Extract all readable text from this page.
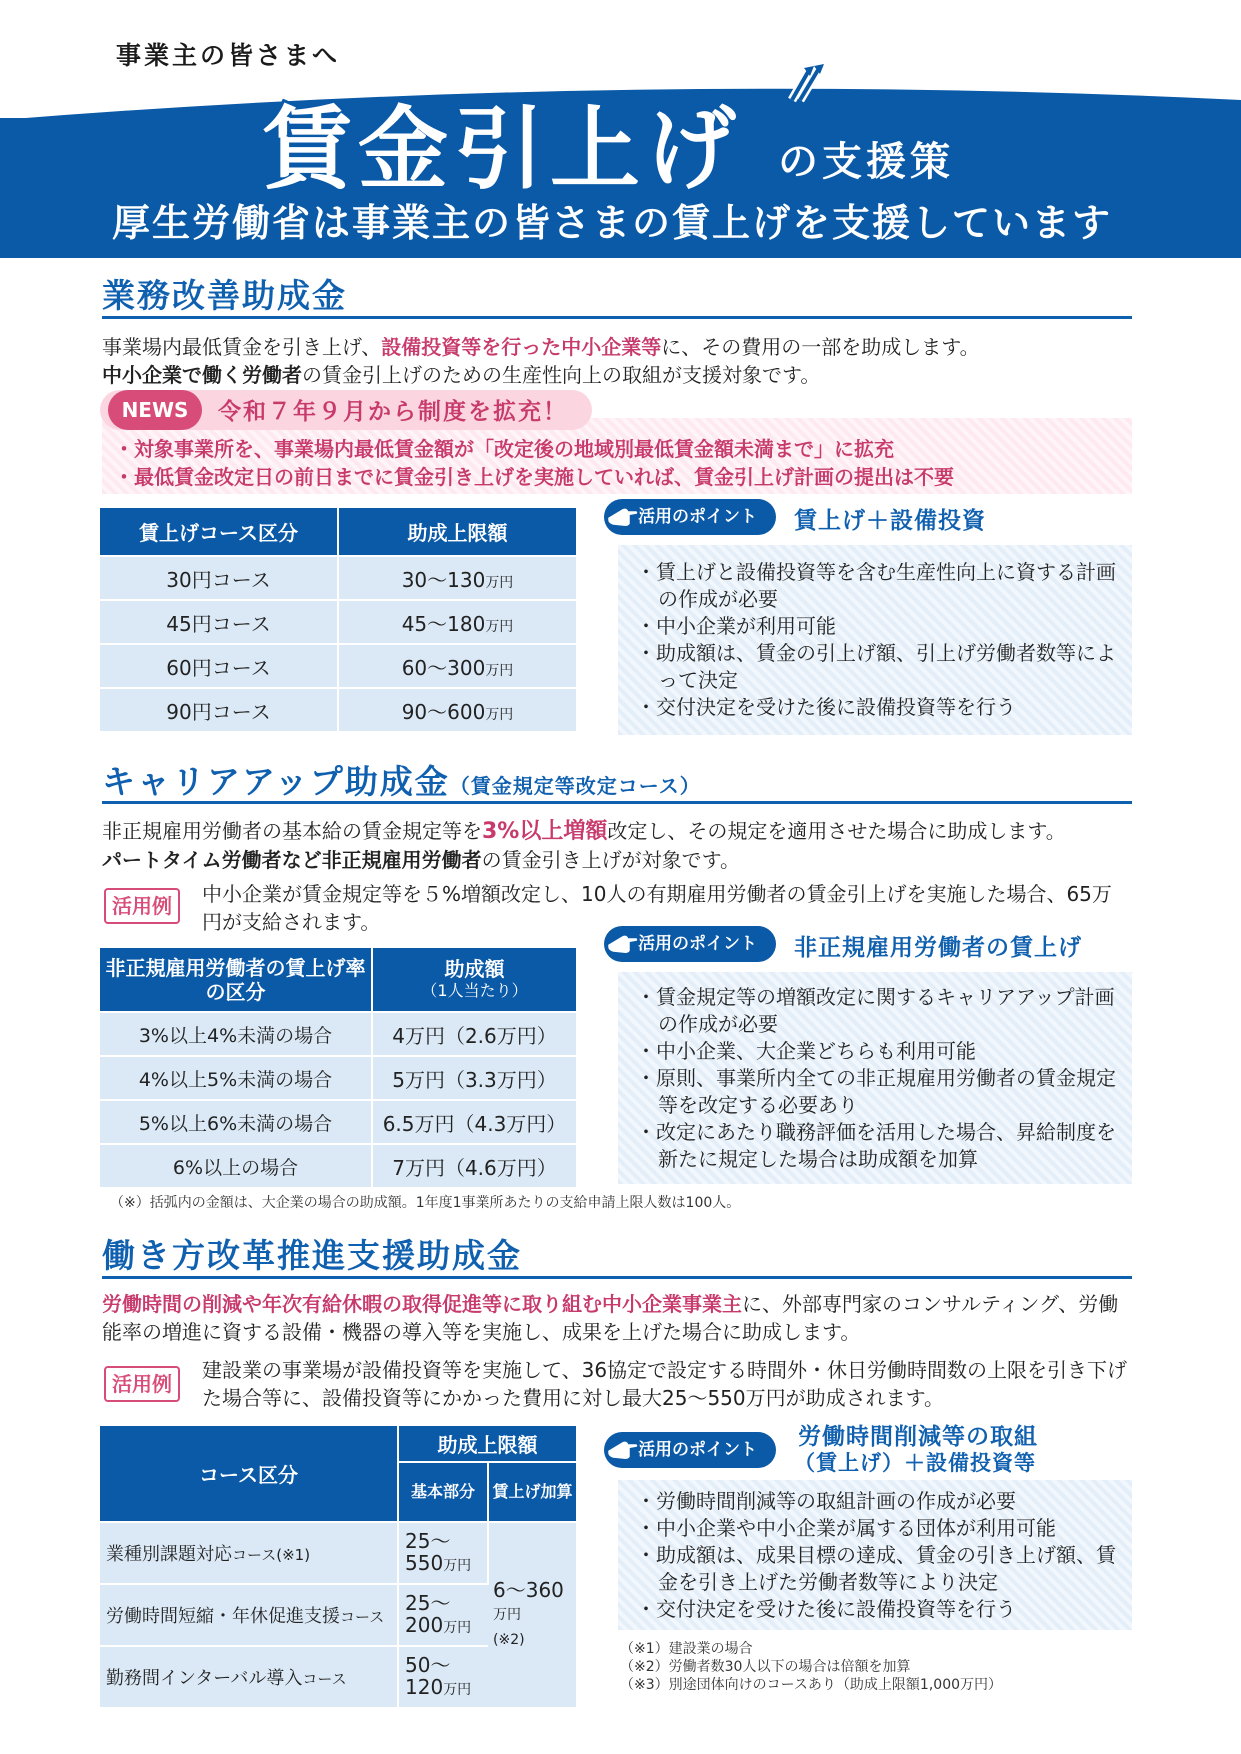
事業主の皆さまへ
賃金引上げ の支援策
厚生労働省は事業主の皆さまの賃上げを支援しています
業務改善助成金
事業場内最低賃金を引き上げ、設備投資等を行った中小企業等に、その費用の一部を助成します。
中小企業で働く労働者の賃金引上げのための生産性向上の取組が支援対象です。
NEWS	令和７年９月から制度を拡充！
・対象事業所を、事業場内最低賃金額が「改定後の地域別最低賃金額未満まで」に拡充
・最低賃金改定日の前日までに賃金引き上げを実施していれば、賃金引上げ計画の提出は不要
賃上げコース区分	助成上限額
30円コース	30〜130万円
45円コース	45〜180万円
60円コース	60〜300万円
90円コース	90〜600万円
活用のポイント	賃上げ＋設備投資
・ 賃上げと設備投資等を含む生産性向上に資する計画の作成が必要
・ 中小企業が利用可能
・ 助成額は、賃金の引上げ額、引上げ労働者数等によって決定
・ 交付決定を受けた後に設備投資等を行う
キャリアアップ助成金（賃金規定等改定コース）
非正規雇用労働者の基本給の賃金規定等を3%以上増額改定し、その規定を適用させた場合に助成します。
パートタイム労働者など非正規雇用労働者の賃金引き上げが対象です。
活用例	中小企業が賃金規定等を５%増額改定し、10人の有期雇用労働者の賃金引上げを実施した場合、65万円が支給されます。
非正規雇用労働者の賃上げ率の区分	助成額
（1人当たり）

3%以上4%未満の場合	4万円（2.6万円）
4%以上5%未満の場合	5万円（3.3万円）
5%以上6%未満の場合	6.5万円（4.3万円）
6%以上の場合	7万円（4.6万円）
（※）括弧内の金額は、大企業の場合の助成額。1年度1事業所あたりの支給申請上限人数は100人。
活用のポイント	非正規雇用労働者の賃上げ
・ 賃金規定等の増額改定に関するキャリアアップ計画の作成が必要
・ 中小企業、大企業どちらも利用可能
・ 原則、事業所内全ての非正規雇用労働者の賃金規定等を改定する必要あり
・ 改定にあたり職務評価を活用した場合、昇給制度を新たに規定した場合は助成額を加算
働き方改革推進支援助成金
労働時間の削減や年次有給休暇の取得促進等に取り組む中小企業事業主に、外部専門家のコンサルティング、労働能率の増進に資する設備・機器の導入等を実施し、成果を上げた場合に助成します。
活用例
建設業の事業場が設備投資等を実施して、36協定で設定する時間外・休日労働時間数の上限を引き下げた場合等に、設備投資等にかかった費用に対し最大25〜550万円が助成されます。
コース区分	助成上限額	
	基本部分	賃上げ加算
業種別課題対応コース(※1)	25〜550万円	6〜360万円
(※2)
労働時間短縮・年休促進支援コース	25〜200万円	
勤務間インターバル導入コース	50〜120万円	
活用のポイント	労働時間削減等の取組
（賃上げ）＋設備投資等
・ 労働時間削減等の取組計画の作成が必要
・ 中小企業や中小企業が属する団体が利用可能
・ 助成額は、成果目標の達成、賃金の引き上げ額、賃金を引き上げた労働者数等により決定
・ 交付決定を受けた後に設備投資等を行う
（※1）建設業の場合
（※2）労働者数30人以下の場合は倍額を加算
（※3）別途団体向けのコースあり（助成上限額1,000万円）
